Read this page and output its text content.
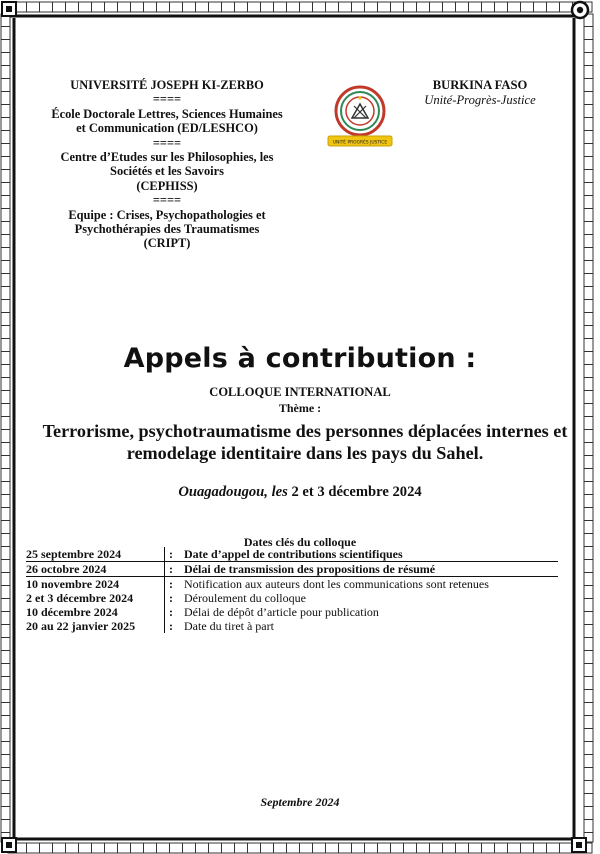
UNIVERSITÉ JOSEPH KI-ZERBO
====
École Doctorale Lettres, Sciences Humaines
et Communication (ED/LESHCO)
====
Centre d’Etudes sur les Philosophies, les
Sociétés et les Savoirs
(CEPHISS)
====
Equipe : Crises, Psychopathologies et
Psychothérapies des Traumatismes
(CRIPT)
UNITÉ PROGRÈS JUSTICE
BURKINA FASO
Unité-Progrès-Justice
Appels à contribution :
COLLOQUE INTERNATIONAL
Thème :
Terrorisme, psychotraumatisme des personnes déplacées internes et remodelage identitaire dans les pays du Sahel.
Ouagadougou, les 2 et 3 décembre 2024
Dates clés du colloque
25 septembre 2024	:	Date d’appel de contributions scientifiques
26 octobre 2024	:	Délai de transmission des propositions de résumé
10 novembre 2024	:	Notification aux auteurs dont les communications sont retenues
2 et 3 décembre 2024	:	Déroulement du colloque
10 décembre 2024	:	Délai de dépôt d’article pour publication
20 au 22 janvier 2025	:	Date du tiret à part
Septembre 2024
